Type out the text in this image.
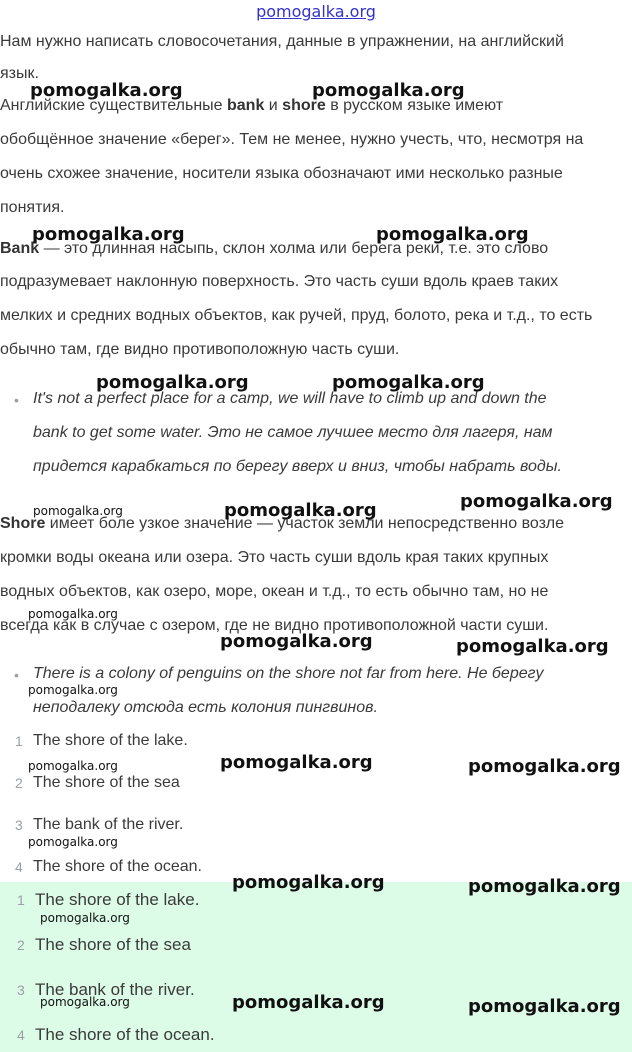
pomogalka.org
Нам нужно написать словосочетания, данные в упражнении, на английский
язык.
Английские существительные bank и shore в русском языке имеют
обобщённое значение «берег». Тем не менее, нужно учесть, что, несмотря на
очень схожее значение, носители языка обозначают ими несколько разные
понятия.
Bank — это длинная насыпь, склон холма или берега реки, т.е. это слово
подразумевает наклонную поверхность. Это часть суши вдоль краев таких
мелких и средних водных объектов, как ручей, пруд, болото, река и т.д., то есть
обычно там, где видно противоположную часть суши.
• It's not a perfect place for a camp, we will have to climb up and down the
bank to get some water. Это не самое лучшее место для лагеря, нам
придется карабкаться по берегу вверх и вниз, чтобы набрать воды.
Shore имеет боле узкое значение — участок земли непосредственно возле
кромки воды океана или озера. Это часть суши вдоль края таких крупных
водных объектов, как озеро, море, океан и т.д., то есть обычно там, но не
всегда как в случае с озером, где не видно противоположной части суши.
• There is a colony of penguins on the shore not far from here. Не берегу
неподалеку отсюда есть колония пингвинов.
1 The shore of the lake.
2 The shore of the sea
3 The bank of the river.
4 The shore of the ocean.
1 The shore of the lake.
2 The shore of the sea
3 The bank of the river.
4 The shore of the ocean.
pomogalka.org	pomogalka.org
pomogalka.org	pomogalka.org
pomogalka.org	pomogalka.org
pomogalka.org	pomogalka.org	pomogalka.org
pomogalka.org
pomogalka.org	pomogalka.org
pomogalka.org
pomogalka.org	pomogalka.org	pomogalka.org
pomogalka.org
pomogalka.org	pomogalka.org
pomogalka.org
pomogalka.org	pomogalka.org	pomogalka.org
